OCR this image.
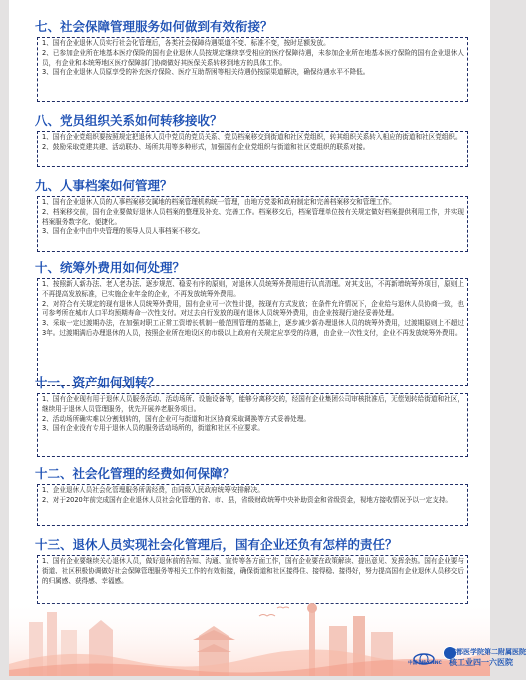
七、社会保障管理服务如何做到有效衔接？

1、国有企业退休人员实行社会化管理后，各类社会保障待遇渠道不变、标准不变，按时足额发放。

2、已参加企业所在地基本医疗保险的国有企业退休人员按规定继续享受相应的医疗保障待遇，未参加企业所在地基本医疗保险的国有企业退休人员，有企业和本统筹地区医疗保障部门协商做好其医保关系转移到地方的具体工作。

3、国有企业退休人员原享受的补充医疗保险、医疗互助帮困等相关待遇仍按原渠道解决，确保待遇水平不降低。

八、党员组织关系如何转移接收？

1、国有企业党组织要按照规定把退休人员中党员的党员关系、党员档案移交到街道和社区党组织，转其组织关系转入相应的街道和社区党组织。

2、鼓励采取党建共建、活动联办、场所共用等多种形式，加强国有企业党组织与街道和社区党组织的联系对接。

九、人事档案如何管理？

1、国有企业退休人员的人事档案移交属地的档案管理机构统一管理，由地方党委和政府制定和完善档案移交和管理工作。

2、档案移交前，国有企业要做好退休人员档案的整理及补充、完善工作。档案移交后，档案管理单位按有关规定做好档案提供利用工作，并实现档案服务数字化、便捷化。

3、国有企业中由中央管理的领导人员人事档案不移交。

十、统筹外费用如何处理？

1、按照新人新办法、老人老办法、逐步规范、稳妥有序的原则，对退休人员统筹外费用进行认真清理。对其支出，不再新增统筹外项目，原则上不再提高发放标准，已实施企业年金的企业，不再发放统筹外费用。

2、对符合有关规定的现有退休人员统筹外费用，国有企业可一次性计提，按现有方式发放；在条件允许情况下，企业给与退休人员协商一致，也可参考所在城市人口平均预期寿命一次性支付。对过去自行发放的现有退休人员统筹外费用，由企业按现行途径妥善处理。

3、采取一定过渡期办法，在加强对职工正常工资增长机制一般范围管理的基础上，逐步减少新办理退休人员的统筹外费用，过渡期原则上不超过3年。过渡期满后办理退休的人员，按照企业所在地设区的市级以上政府有关规定应享受的待遇，由企业一次性支付，企业不再发放统筹外费用。

十一、资产如何划转？

1、国有企业现有用于退休人员服务活动、活动场所、设施设备等，能够分离移交的，经国有企业集团公司审核批准后，无偿划转给街道和社区，继续用于退休人员管理服务，优先开展养老服务项目。

2、活动场所确实难以分割划转的，国有企业可与街道和社区协商采取调换等方式妥善处理。

3、国有企业没有专用于退休人员的服务活动场所的，街道和社区不应要求。

十二、社会化管理的经费如何保障？

1、企业退休人员社会化管理服务所需经费，由同级人民政府统筹安排解决。

2、对于2020年前完成国有企业退休人员社会化管理的省、市、县，省级财政统筹中央补助资金和省级资金，视地方接收情况予以一定支持。

十三、退休人员实现社会化管理后，国有企业还负有怎样的责任？

1、国有企业要继续关心退休人员，做好退休前的告知、沟通、宣传等各方面工作，国有企业要在政策解读、提出意见、发挥余热。国有企业要与街道、社区积极协调做好社会保障管理服务等相关工作的有效衔接，确保街道和社区接得住、接得稳、接得好，努力提高国有企业退休人员移交后的归属感、获得感、幸福感。

中国中核 CNNC
成都医学院第二附属医院
核工业四一六医院
